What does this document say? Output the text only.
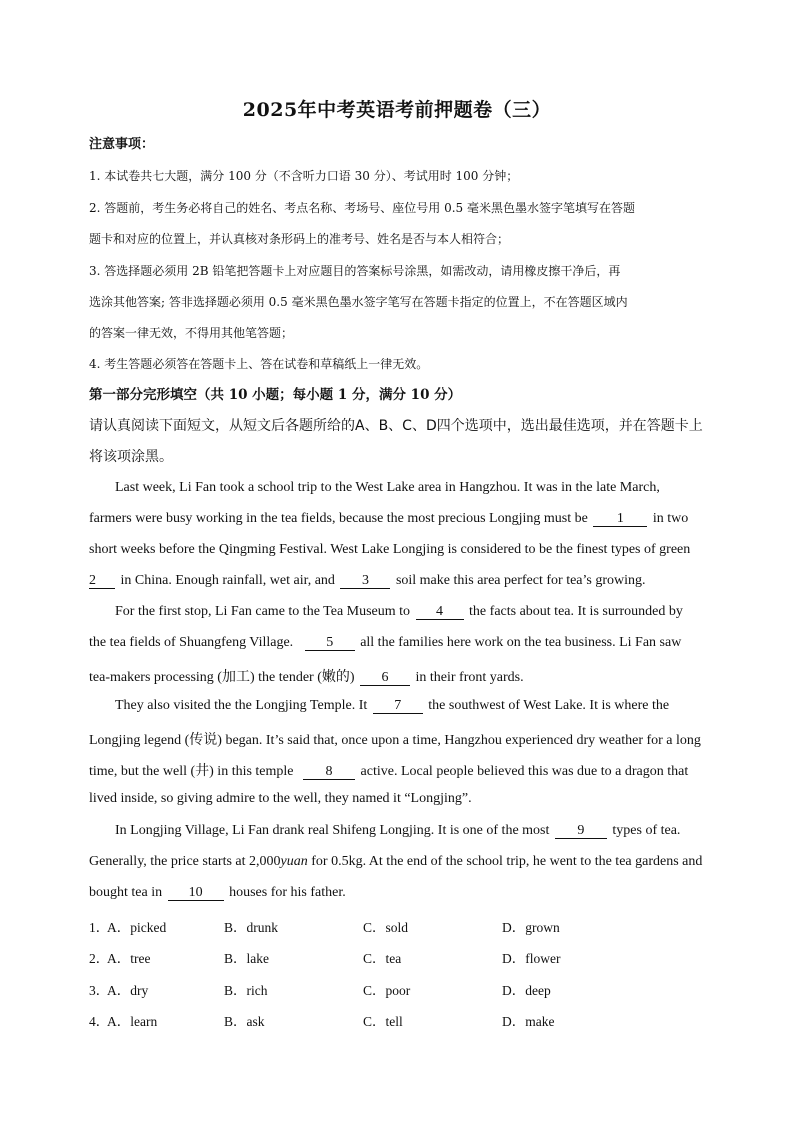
2025年中考英语考前押题卷（三）
注意事项：
1. 本试卷共七大题，满分 100 分（不含听力口语 30 分）、考试用时 100 分钟；
2. 答题前，考生务必将自己的姓名、考点名称、考场号、座位号用 0.5 毫米黑色墨水签字笔填写在答题
题卡和对应的位置上，并认真核对条形码上的准考号、姓名是否与本人相符合；
3. 答选择题必须用 2B 铅笔把答题卡上对应题目的答案标号涂黑，如需改动，请用橡皮擦干净后，再
选涂其他答案; 答非选择题必须用 0.5 毫米黑色墨水签字笔写在答题卡指定的位置上，不在答题区域内
的答案一律无效，不得用其他笔答题；
4. 考生答题必须答在答题卡上、答在试卷和草稿纸上一律无效。
第一部分完形填空（共 10 小题；每小题 1 分，满分 10 分）
请认真阅读下面短文，从短文后各题所给的A、B、C、D四个选项中，选出最佳选项，并在答题卡上
将该项涂黑。
Last week, Li Fan took a school trip to the West Lake area in Hangzhou. It was in the late March,
farmers were busy working in the tea fields, because the most precious Longjing must be 1 in two
short weeks before the Qingming Festival. West Lake Longjing is considered to be the finest types of green
2 in China. Enough rainfall, wet air, and 3 soil make this area perfect for tea’s growing.
For the first stop, Li Fan came to the Tea Museum to 4 the facts about tea. It is surrounded by
the tea fields of Shuangfeng Village. 5 all the families here work on the tea business. Li Fan saw
tea-makers processing (加工) the tender (嫩的) 6 in their front yards.
They also visited the the Longjing Temple. It 7 the southwest of West Lake. It is where the
Longjing legend (传说) began. It’s said that, once upon a time, Hangzhou experienced dry weather for a long
time, but the well (井) in this temple 8 active. Local people believed this was due to a dragon that
lived inside, so giving admire to the well, they named it “Longjing”.
In Longjing Village, Li Fan drank real Shifeng Longjing. It is one of the most 9 types of tea.
Generally, the price starts at 2,000yuan for 0.5kg. At the end of the school trip, he went to the tea gardens and
bought tea in 10 houses for his father.
1．
A．picked	B．drunk	C．sold	D．grown
2．
A．tree	B．lake	C．tea	D．flower
3．
A．dry	B．rich	C．poor	D．deep
4．
A．learn	B．ask	C．tell	D．make
